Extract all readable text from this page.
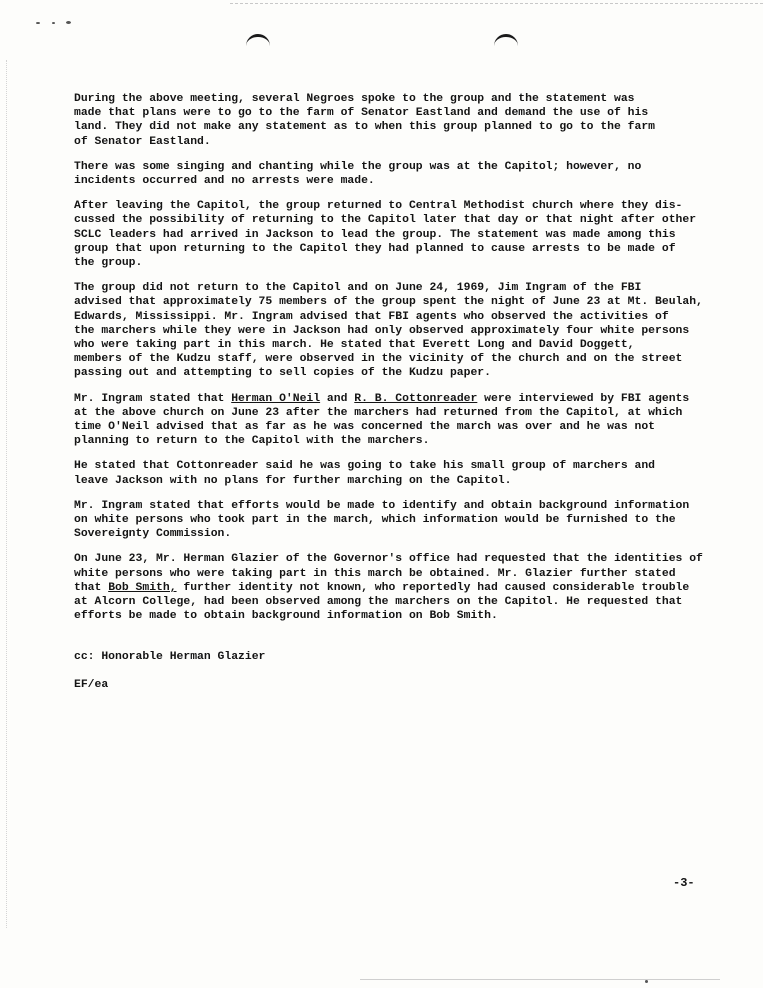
During the above meeting, several Negroes spoke to the group and the statement was
made that plans were to go to the farm of Senator Eastland and demand the use of his
land. They did not make any statement as to when this group planned to go to the farm
of Senator Eastland.
There was some singing and chanting while the group was at the Capitol; however, no
incidents occurred and no arrests were made.
After leaving the Capitol, the group returned to Central Methodist church where they dis-
cussed the possibility of returning to the Capitol later that day or that night after other
SCLC leaders had arrived in Jackson to lead the group. The statement was made among this
group that upon returning to the Capitol they had planned to cause arrests to be made of
the group.
The group did not return to the Capitol and on June 24, 1969, Jim Ingram of the FBI
advised that approximately 75 members of the group spent the night of June 23 at Mt. Beulah,
Edwards, Mississippi. Mr. Ingram advised that FBI agents who observed the activities of
the marchers while they were in Jackson had only observed approximately four white persons
who were taking part in this march. He stated that Everett Long and David Doggett,
members of the Kudzu staff, were observed in the vicinity of the church and on the street
passing out and attempting to sell copies of the Kudzu paper.
Mr. Ingram stated that Herman O'Neil and R. B. Cottonreader were interviewed by FBI agents
at the above church on June 23 after the marchers had returned from the Capitol, at which
time O'Neil advised that as far as he was concerned the march was over and he was not
planning to return to the Capitol with the marchers.
He stated that Cottonreader said he was going to take his small group of marchers and
leave Jackson with no plans for further marching on the Capitol.
Mr. Ingram stated that efforts would be made to identify and obtain background information
on white persons who took part in the march, which information would be furnished to the
Sovereignty Commission.
On June 23, Mr. Herman Glazier of the Governor's office had requested that the identities of
white persons who were taking part in this march be obtained. Mr. Glazier further stated
that Bob Smith, further identity not known, who reportedly had caused considerable trouble
at Alcorn College, had been observed among the marchers on the Capitol. He requested that
efforts be made to obtain background information on Bob Smith.
cc: Honorable Herman Glazier
EF/ea
-3-
